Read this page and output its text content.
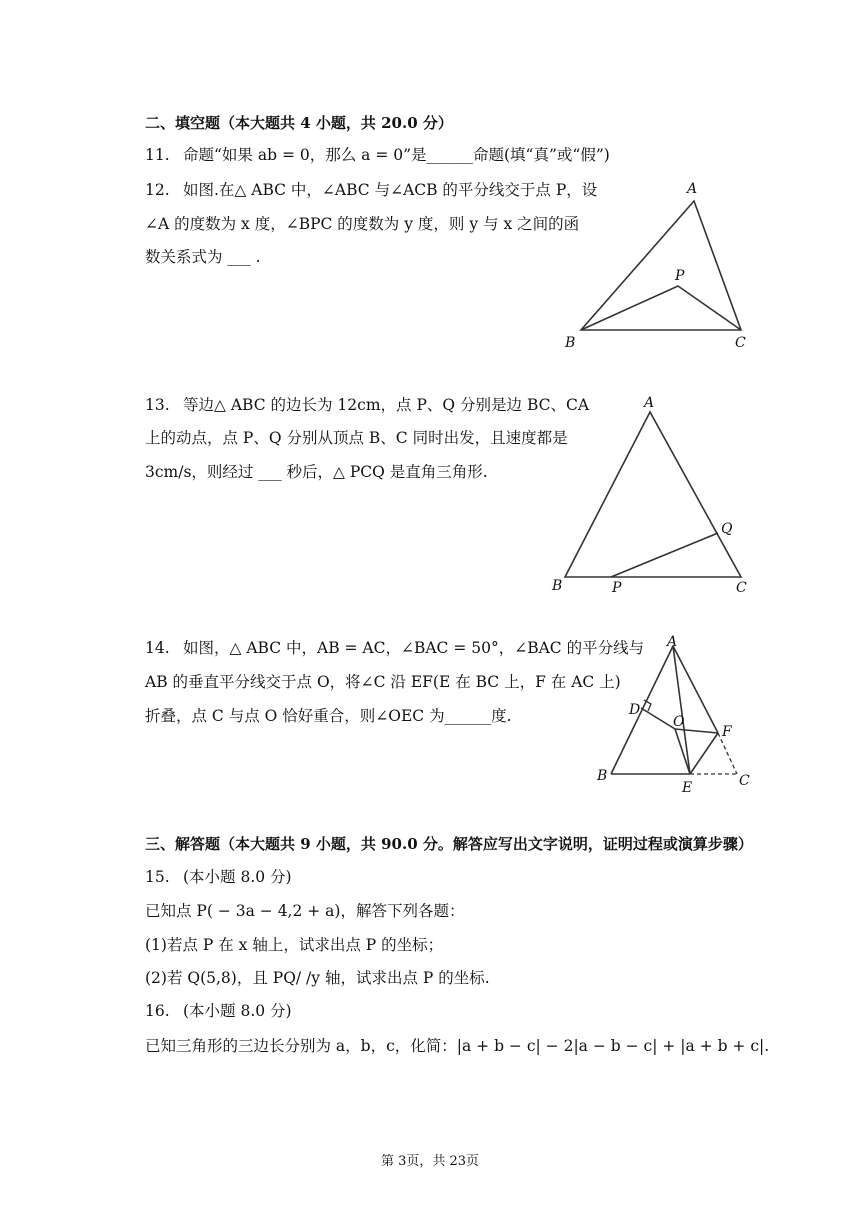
二、填空题（本大题共 4 小题，共 20.0 分）
11. 命题“如果 ab = 0，那么 a = 0”是______命题(填“真”或“假”)
12. 如图.在△ ABC 中，∠ABC 与∠ACB 的平分线交于点 P，设
∠A 的度数为 x 度，∠BPC 的度数为 y 度，则 y 与 x 之间的函
数关系式为 ___ .
A
B	C
P
13. 等边△ ABC 的边长为 12cm，点 P、Q 分别是边 BC、CA
上的动点，点 P、Q 分别从顶点 B、C 同时出发，且速度都是
3cm/s，则经过 ___ 秒后，△ PCQ 是直角三角形.
A
B	C
P
Q
14. 如图，△ ABC 中，AB = AC，∠BAC = 50°，∠BAC 的平分线与
AB 的垂直平分线交于点 O，将∠C 沿 EF(E 在 BC 上，F 在 AC 上)
折叠，点 C 与点 O 恰好重合，则∠OEC 为______度.
A
B	C
D
E
F
O
三、解答题（本大题共 9 小题，共 90.0 分。解答应写出文字说明，证明过程或演算步骤）
15. (本小题 8.0 分)
已知点 P( − 3a − 4,2 + a)，解答下列各题：
(1)若点 P 在 x 轴上，试求出点 P 的坐标；
(2)若 Q(5,8)，且 PQ/ /y 轴，试求出点 P 的坐标.
16. (本小题 8.0 分)
已知三角形的三边长分别为 a，b，c，化简：|a + b − c| − 2|a − b − c| + |a + b + c|.
第 3页，共 23页
